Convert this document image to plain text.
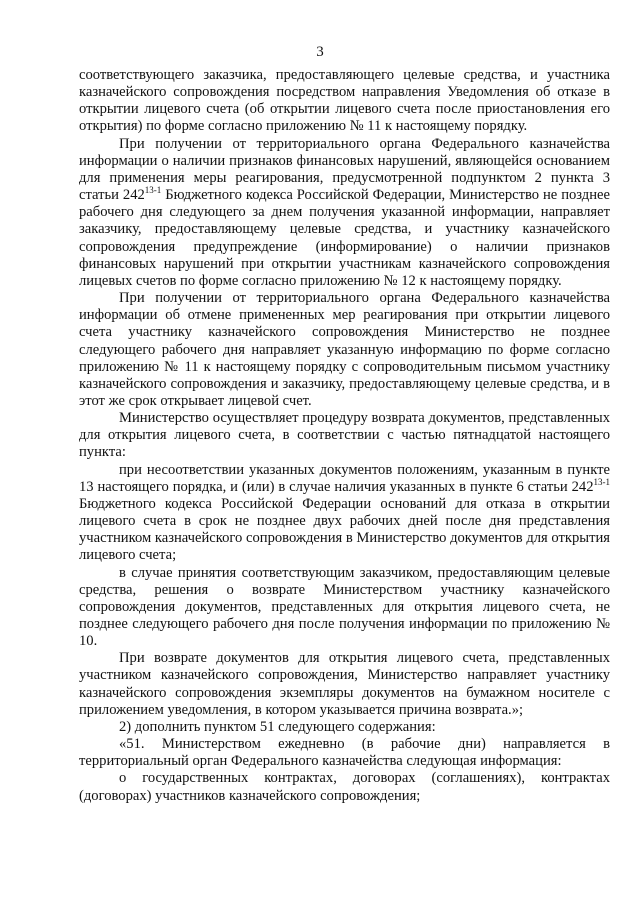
3

соответствующего заказчика, предоставляющего целевые средства, и участника казначейского сопровождения посредством направления Уведомления об отказе в открытии лицевого счета (об открытии лицевого счета после приостановления его открытия) по форме согласно приложению № 11 к настоящему порядку.

При получении от территориального органа Федерального казначейства информации о наличии признаков финансовых нарушений, являющейся основанием для применения меры реагирования, предусмотренной подпунктом 2 пункта 3 статьи 242$^{13-1}$ Бюджетного кодекса Российской Федерации, Министерство не позднее рабочего дня следующего за днем получения указанной информации, направляет заказчику, предоставляющему целевые средства, и участнику казначейского сопровождения предупреждение (информирование) о наличии признаков финансовых нарушений при открытии участникам казначейского сопровождения лицевых счетов по форме согласно приложению № 12 к настоящему порядку.

При получении от территориального органа Федерального казначейства информации об отмене примененных мер реагирования при открытии лицевого счета участнику казначейского сопровождения Министерство не позднее следующего рабочего дня направляет указанную информацию по форме согласно приложению № 11 к настоящему порядку с сопроводительным письмом участнику казначейского сопровождения и заказчику, предоставляющему целевые средства, и в этот же срок открывает лицевой счет.

Министерство осуществляет процедуру возврата документов, представленных для открытия лицевого счета, в соответствии с частью пятнадцатой настоящего пункта:

при несоответствии указанных документов положениям, указанным в пункте 13 настоящего порядка, и (или) в случае наличия указанных в пункте 6 статьи 242$^{13-1}$ Бюджетного кодекса Российской Федерации оснований для отказа в открытии лицевого счета в срок не позднее двух рабочих дней после дня представления участником казначейского сопровождения в Министерство документов для открытия лицевого счета;

в случае принятия соответствующим заказчиком, предоставляющим целевые средства, решения о возврате Министерством участнику казначейского сопровождения документов, представленных для открытия лицевого счета, не позднее следующего рабочего дня после получения информации по приложению № 10.

При возврате документов для открытия лицевого счета, представленных участником казначейского сопровождения, Министерство направляет участнику казначейского сопровождения экземпляры документов на бумажном носителе с приложением уведомления, в котором указывается причина возврата.»;

2) дополнить пунктом 51 следующего содержания:

«51. Министерством ежедневно (в рабочие дни) направляется в территориальный орган Федерального казначейства следующая информация:

о государственных контрактах, договорах (соглашениях), контрактах (договорах) участников казначейского сопровождения;
